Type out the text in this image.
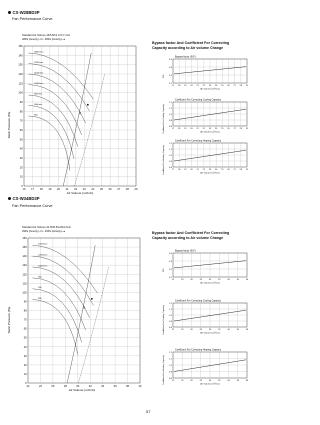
CS-W28BD3P
Fan Performance Curve
Standard Air Volume 16/5.8/12 L/7m³ /min
48Pa (Gravity)--O-- 48Pa (Gravity)--●
Static Pressure (Pa)
Air Volume (m³/min)
150
140
130
120
110
100
90
80
70
60
50
40
30
20
10
0
16 17 18 19 20 21 22 23 24 25 26 27 28 29
1800r/min
1200r/min
1100r/min
1000r/min
960r/min
900r/min
800
Bypass factor And Coefficient For Correcting
Capacity according to Air volume Change
CS-W34BD3P
Fan Performance Curve
Standard Air Volume 31.5/30.5/L/29m³/min
49Pa (Gravity)--O-- 49Pa (Gravity)--●
Static Pressure (Pa)
Air Volume (m³/min)
160
150
140
130
120
110
100
90
80
70
60
50
40
30
20
10
0
22	24	26	28	30	32	34	36	38	40
1350r/min
1250r/min
1000r/min
960
900
800
Bypass factor And Coefficient For Correcting
Capacity according to Air volume Change
Bypass factor (B.F.)
0.4
0.3
0.2
0.1
17	18	19	20	21	22	23	24	25	26	27	28	29
Air Volume (m³/min)
B.F.
Coefficient For Correcting Cooling Capacity
1.2
1.1
1.0
0.9
0.8
17	18	19	20	21	22	23	24	25	26	27	28	29
Air Volume (m³/min)
Coefficient For Cooling Capacity
Coefficient For Correcting Heating Capacity
1.2
1.1
1.0
0.9
0.8
17	18	19	20	21	22	23	24	25	26	27	28	29
Air Volume (m³/min)
Coefficient For Heating Capacity
Bypass factor (B.F.)
0.4
0.3
0.2
0.1
22	24	26	28	30	32	34	36	38
Air Volume (m³/min)
B.F.
Coefficient For Correcting Cooling Capacity
1.2
1.1
1.0
0.9
0.8
22	24	26	28	30	32	34	36	38
Air Volume (m³/min)
Coefficient For Cooling Capacity
Coefficient For Correcting Heating Capacity
1.2
1.1
1.0
0.9
0.8
22	24	26	28	30	32	34	36	38
Air Volume (m³/min)
Coefficient For Heating Capacity
57
